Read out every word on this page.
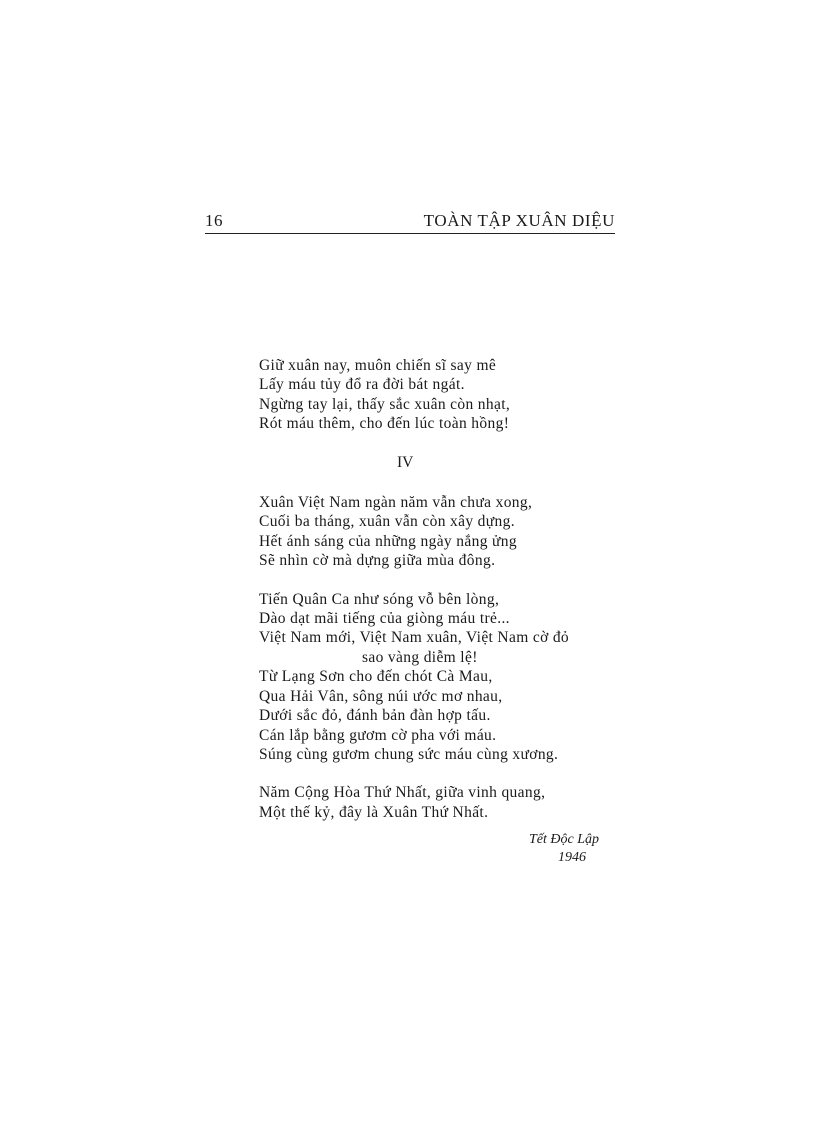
16	TOÀN TẬP XUÂN DIỆU
Giữ xuân nay, muôn chiến sĩ say mê
Lấy máu tủy đổ ra đời bát ngát.
Ngừng tay lại, thấy sắc xuân còn nhạt,
Rót máu thêm, cho đến lúc toàn hồng!
IV
Xuân Việt Nam ngàn năm vẫn chưa xong,
Cuối ba tháng, xuân vẫn còn xây dựng.
Hết ánh sáng của những ngày nắng ửng
Sẽ nhìn cờ mà dựng giữa mùa đông.
Tiến Quân Ca như sóng vỗ bên lòng,
Dào dạt mãi tiếng của giòng máu trẻ...
Việt Nam mới, Việt Nam xuân, Việt Nam cờ đỏ
sao vàng diễm lệ!
Từ Lạng Sơn cho đến chót Cà Mau,
Qua Hải Vân, sông núi ước mơ nhau,
Dưới sắc đỏ, đánh bản đàn hợp tấu.
Cán lắp bằng gươm cờ pha với máu.
Súng cùng gươm chung sức máu cùng xương.
Năm Cộng Hòa Thứ Nhất, giữa vinh quang,
Một thế kỷ, đây là Xuân Thứ Nhất.
Tết Độc Lập
1946
